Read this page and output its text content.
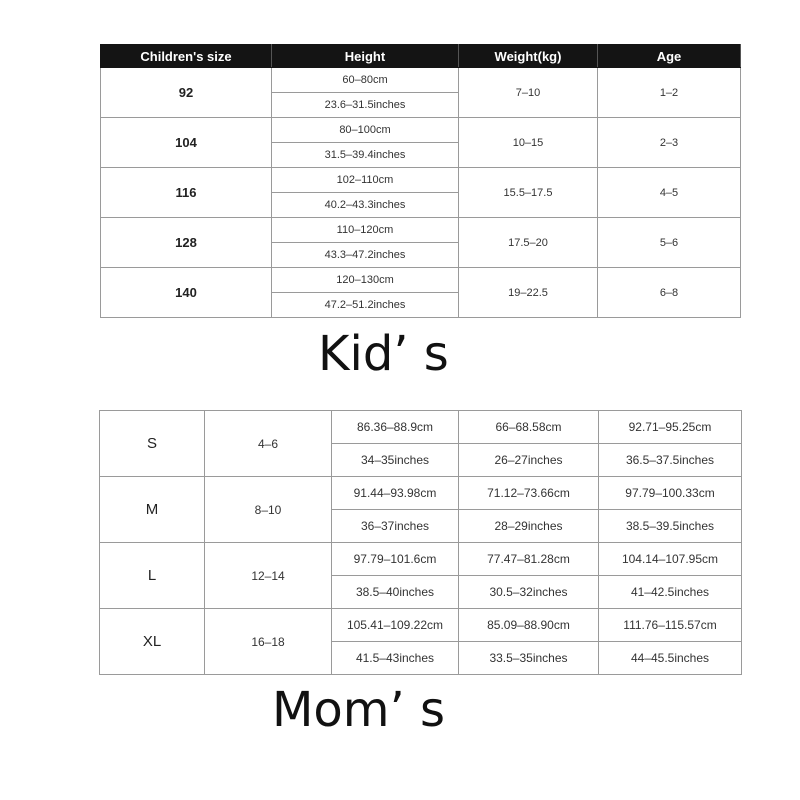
Children's size	Height	Weight(kg)	Age
92	60–80cm	7–10	1–2
	23.6–31.5inches		
104	80–100cm	10–15	2–3
	31.5–39.4inches		
116	102–110cm	15.5–17.5	4–5
	40.2–43.3inches		
128	110–120cm	17.5–20	5–6
	43.3–47.2inches		
140	120–130cm	19–22.5	6–8
	47.2–51.2inches		
Kid’ s
S	4–6	86.36–88.9cm	66–68.58cm	92.71–95.25cm
		34–35inches	26–27inches	36.5–37.5inches
M	8–10	91.44–93.98cm	71.12–73.66cm	97.79–100.33cm
		36–37inches	28–29inches	38.5–39.5inches
L	12–14	97.79–101.6cm	77.47–81.28cm	104.14–107.95cm
		38.5–40inches	30.5–32inches	41–42.5inches
XL	16–18	105.41–109.22cm	85.09–88.90cm	111.76–115.57cm
		41.5–43inches	33.5–35inches	44–45.5inches
Mom’ s
